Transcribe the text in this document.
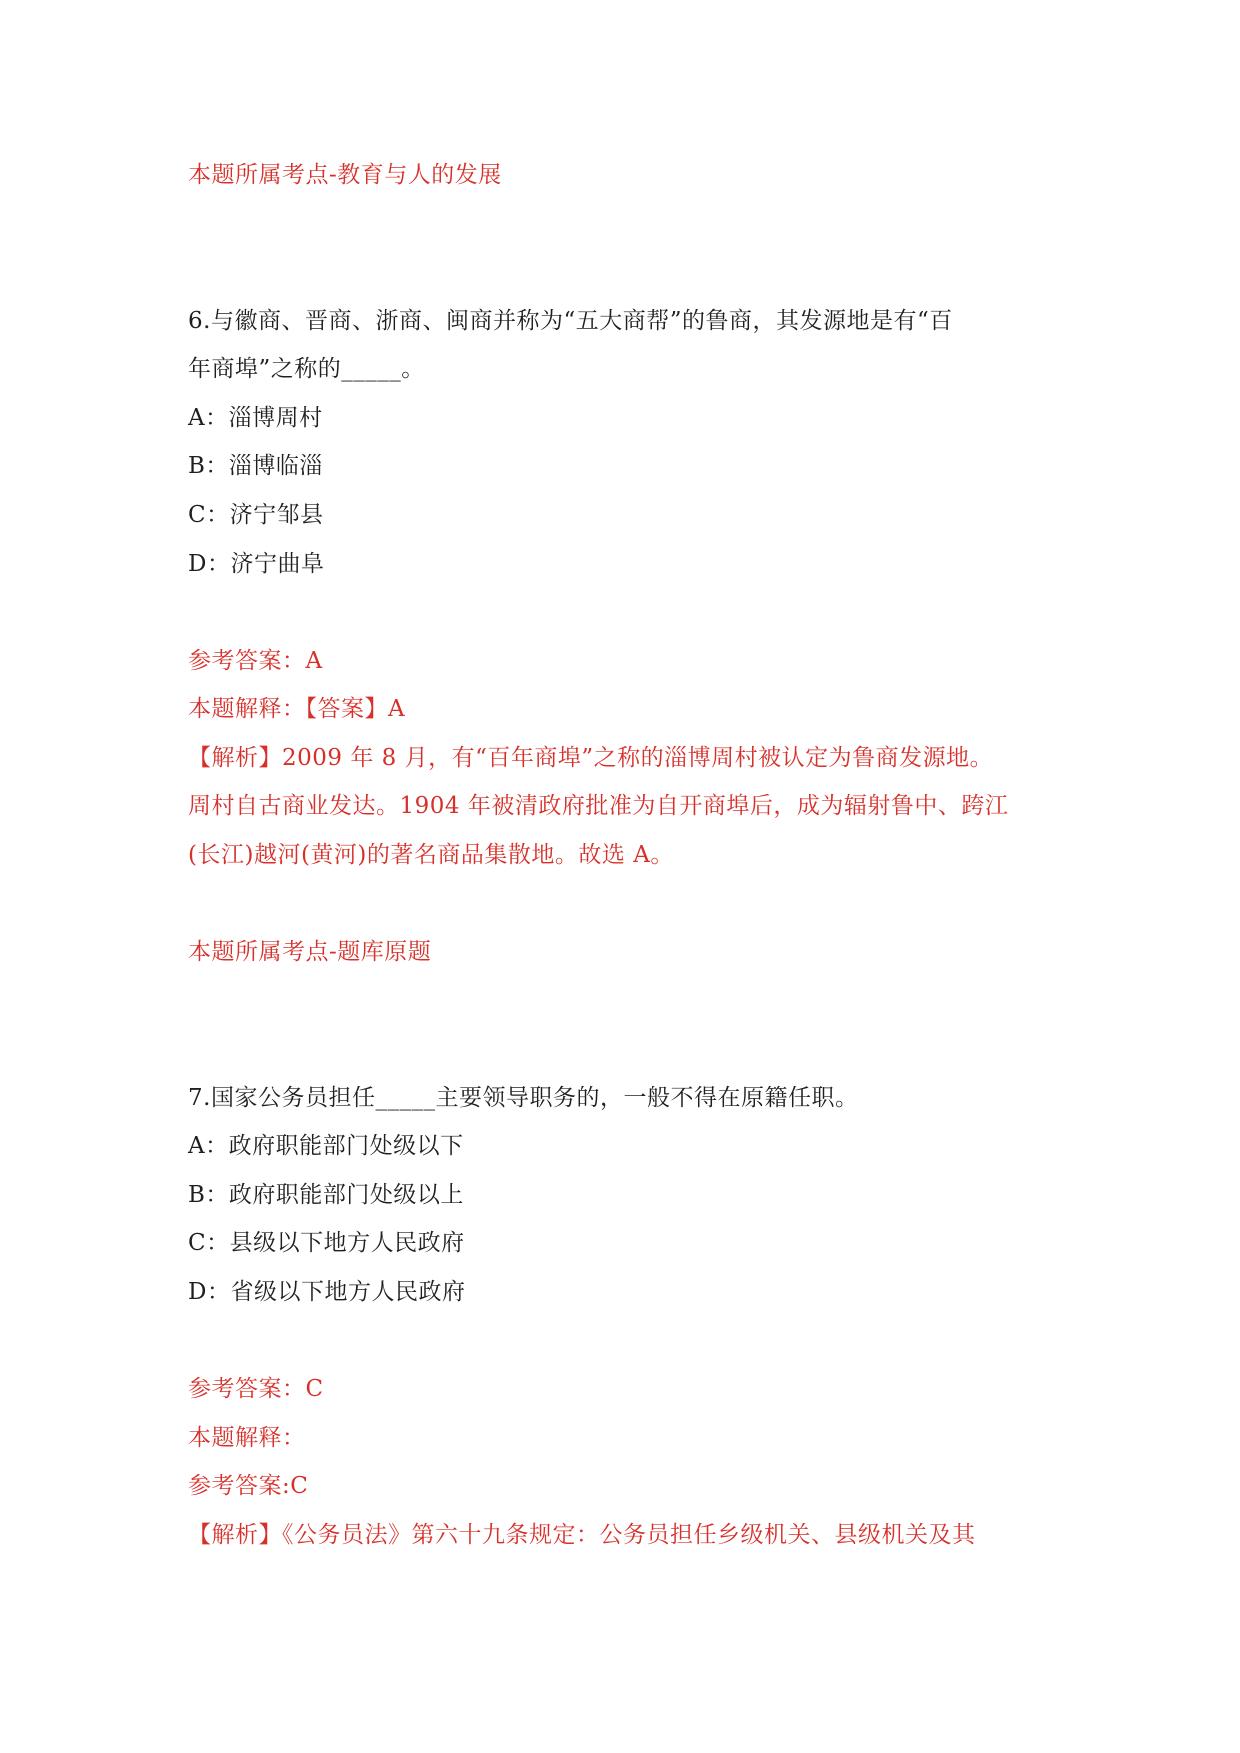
本题所属考点-教育与人的发展
6.与徽商、晋商、浙商、闽商并称为“五大商帮”的鲁商，其发源地是有“百
年商埠”之称的_____。
A：淄博周村
B：淄博临淄
C：济宁邹县
D：济宁曲阜
参考答案：A
本题解释：【答案】A
【解析】2009 年 8 月，有“百年商埠”之称的淄博周村被认定为鲁商发源地。
周村自古商业发达。1904 年被清政府批准为自开商埠后，成为辐射鲁中、跨江
(长江)越河(黄河)的著名商品集散地。故选 A。
本题所属考点-题库原题
7.国家公务员担任_____主要领导职务的，一般不得在原籍任职。
A：政府职能部门处级以下
B：政府职能部门处级以上
C：县级以下地方人民政府
D：省级以下地方人民政府
参考答案：C
本题解释：
参考答案:C
【解析】《公务员法》第六十九条规定：公务员担任乡级机关、县级机关及其
